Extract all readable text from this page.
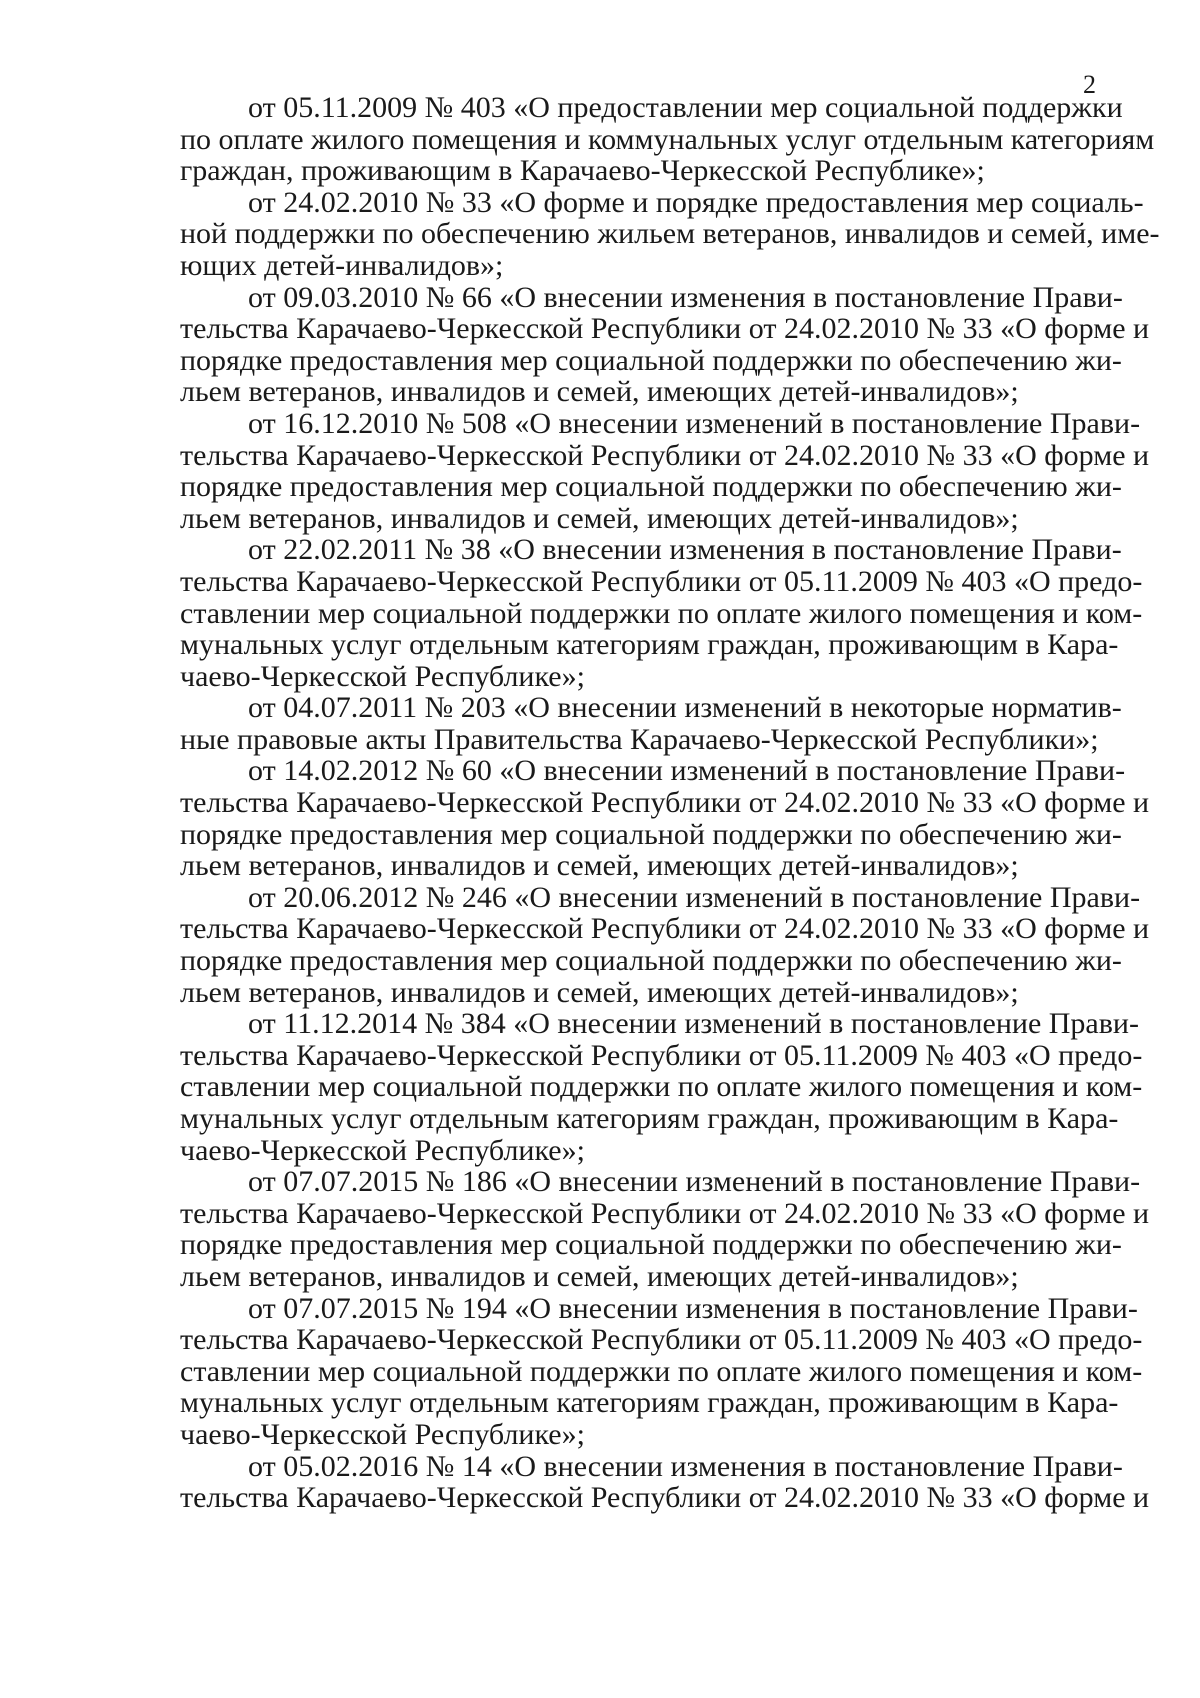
2
от 05.11.2009 № 403 «О предоставлении мер социальной поддержки
по оплате жилого помещения и коммунальных услуг отдельным категориям
граждан, проживающим в Карачаево-Черкесской Республике»;
от 24.02.2010 № 33 «О форме и порядке предоставления мер социаль-
ной поддержки по обеспечению жильем ветеранов, инвалидов и семей, име-
ющих детей-инвалидов»;
от 09.03.2010 № 66 «О внесении изменения в постановление Прави-
тельства Карачаево-Черкесской Республики от 24.02.2010 № 33 «О форме и
порядке предоставления мер социальной поддержки по обеспечению жи-
льем ветеранов, инвалидов и семей, имеющих детей-инвалидов»;
от 16.12.2010 № 508 «О внесении изменений в постановление Прави-
тельства Карачаево-Черкесской Республики от 24.02.2010 № 33 «О форме и
порядке предоставления мер социальной поддержки по обеспечению жи-
льем ветеранов, инвалидов и семей, имеющих детей-инвалидов»;
от 22.02.2011 № 38 «О внесении изменения в постановление Прави-
тельства Карачаево-Черкесской Республики от 05.11.2009 № 403 «О предо-
ставлении мер социальной поддержки по оплате жилого помещения и ком-
мунальных услуг отдельным категориям граждан, проживающим в Кара-
чаево-Черкесской Республике»;
от 04.07.2011 № 203 «О внесении изменений в некоторые норматив-
ные правовые акты Правительства Карачаево-Черкесской Республики»;
от 14.02.2012 № 60 «О внесении изменений в постановление Прави-
тельства Карачаево-Черкесской Республики от 24.02.2010 № 33 «О форме и
порядке предоставления мер социальной поддержки по обеспечению жи-
льем ветеранов, инвалидов и семей, имеющих детей-инвалидов»;
от 20.06.2012 № 246 «О внесении изменений в постановление Прави-
тельства Карачаево-Черкесской Республики от 24.02.2010 № 33 «О форме и
порядке предоставления мер социальной поддержки по обеспечению жи-
льем ветеранов, инвалидов и семей, имеющих детей-инвалидов»;
от 11.12.2014 № 384 «О внесении изменений в постановление Прави-
тельства Карачаево-Черкесской Республики от 05.11.2009 № 403 «О предо-
ставлении мер социальной поддержки по оплате жилого помещения и ком-
мунальных услуг отдельным категориям граждан, проживающим в Кара-
чаево-Черкесской Республике»;
от 07.07.2015 № 186 «О внесении изменений в постановление Прави-
тельства Карачаево-Черкесской Республики от 24.02.2010 № 33 «О форме и
порядке предоставления мер социальной поддержки по обеспечению жи-
льем ветеранов, инвалидов и семей, имеющих детей-инвалидов»;
от 07.07.2015 № 194 «О внесении изменения в постановление Прави-
тельства Карачаево-Черкесской Республики от 05.11.2009 № 403 «О предо-
ставлении мер социальной поддержки по оплате жилого помещения и ком-
мунальных услуг отдельным категориям граждан, проживающим в Кара-
чаево-Черкесской Республике»;
от 05.02.2016 № 14 «О внесении изменения в постановление Прави-
тельства Карачаево-Черкесской Республики от 24.02.2010 № 33 «О форме и
